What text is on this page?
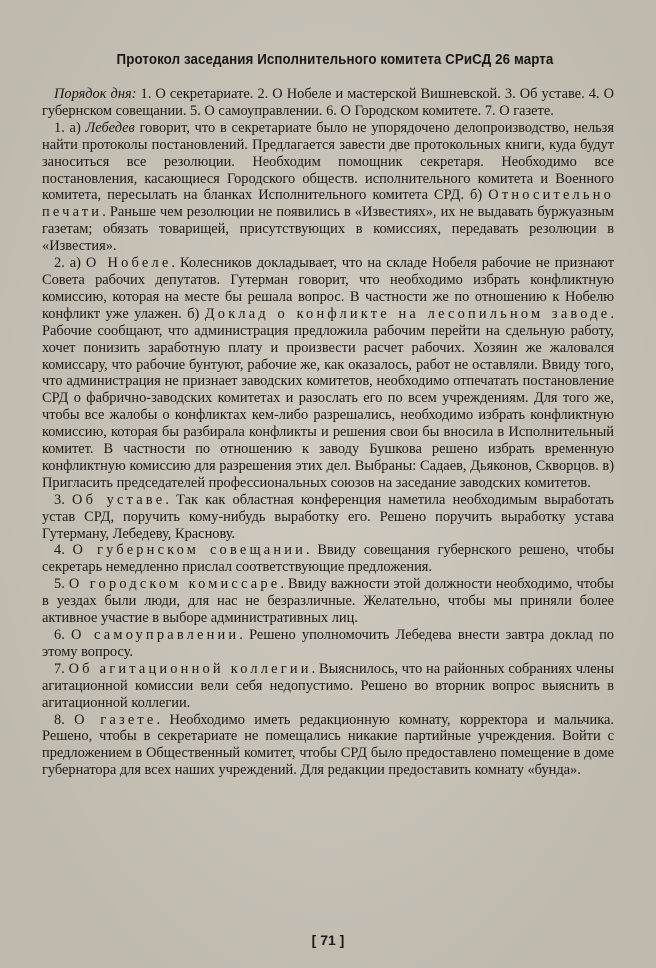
Протокол заседания Исполнительного комитета СРиСД 26 марта

Порядок дня: 1. О секретариате. 2. О Нобеле и мастерской Вишневской. 3. Об уставе. 4. О губернском совещании. 5. О самоуправлении. 6. О Городском комитете. 7. О газете.

1. а) Лебедев говорит, что в секретариате было не упорядочено делопроизводство, нельзя найти протоколы постановлений. Предлагается завести две протокольных книги, куда будут заноситься все резолюции. Необходим помощник секретаря. Необходимо все постановления, касающиеся Городского обществ. исполнительного комитета и Военного комитета, пересылать на бланках Исполнительного комитета СРД. б) Относительно печати. Раньше чем резолюции не появились в «Известиях», их не выдавать буржуазным газетам; обязать товарищей, присутствующих в комиссиях, передавать резолюции в «Известия».

2. а) О Нобеле. Колесников докладывает, что на складе Нобеля рабочие не признают Совета рабочих депутатов. Гутерман говорит, что необходимо избрать конфликтную комиссию, которая на месте бы решала вопрос. В частности же по отношению к Нобелю конфликт уже улажен. б) Доклад о конфликте на лесопильном заводе. Рабочие сообщают, что администрация предложила рабочим перейти на сдельную работу, хочет понизить заработную плату и произвести расчет рабочих. Хозяин же жаловался комиссару, что рабочие бунтуют, рабочие же, как оказалось, работ не оставляли. Ввиду того, что администрация не признает заводских комитетов, необходимо отпечатать постановление СРД о фабрично-заводских комитетах и разослать его по всем учреждениям. Для того же, чтобы все жалобы о конфликтах кем-либо разрешались, необходимо избрать конфликтную комиссию, которая бы разбирала конфликты и решения свои бы вносила в Исполнительный комитет. В частности по отношению к заводу Бушкова решено избрать временную конфликтную комиссию для разрешения этих дел. Выбраны: Садаев, Дьяконов, Скворцов. в) Пригласить председателей профессиональных союзов на заседание заводских комитетов.

3. Об уставе. Так как областная конференция наметила необходимым выработать устав СРД, поручить кому-нибудь выработку его. Решено поручить выработку устава Гутерману, Лебедеву, Краснову.

4. О губернском совещании. Ввиду совещания губернского решено, чтобы секретарь немедленно прислал соответствующие предложения.

5. О городском комиссаре. Ввиду важности этой должности необходимо, чтобы в уездах были люди, для нас не безразличные. Желательно, чтобы мы приняли более активное участие в выборе административных лиц.

6. О самоуправлении. Решено уполномочить Лебедева внести завтра доклад по этому вопросу.

7. Об агитационной коллегии. Выяснилось, что на районных собраниях члены агитационной комиссии вели себя недопустимо. Решено во вторник вопрос выяснить в агитационной коллегии.

8. О газете. Необходимо иметь редакционную комнату, корректора и мальчика. Решено, чтобы в секретариате не помещались никакие партийные учреждения. Войти с предложением в Общественный комитет, чтобы СРД было предоставлено помещение в доме губернатора для всех наших учреждений. Для редакции предоставить комнату «бунда».

[ 71 ]
